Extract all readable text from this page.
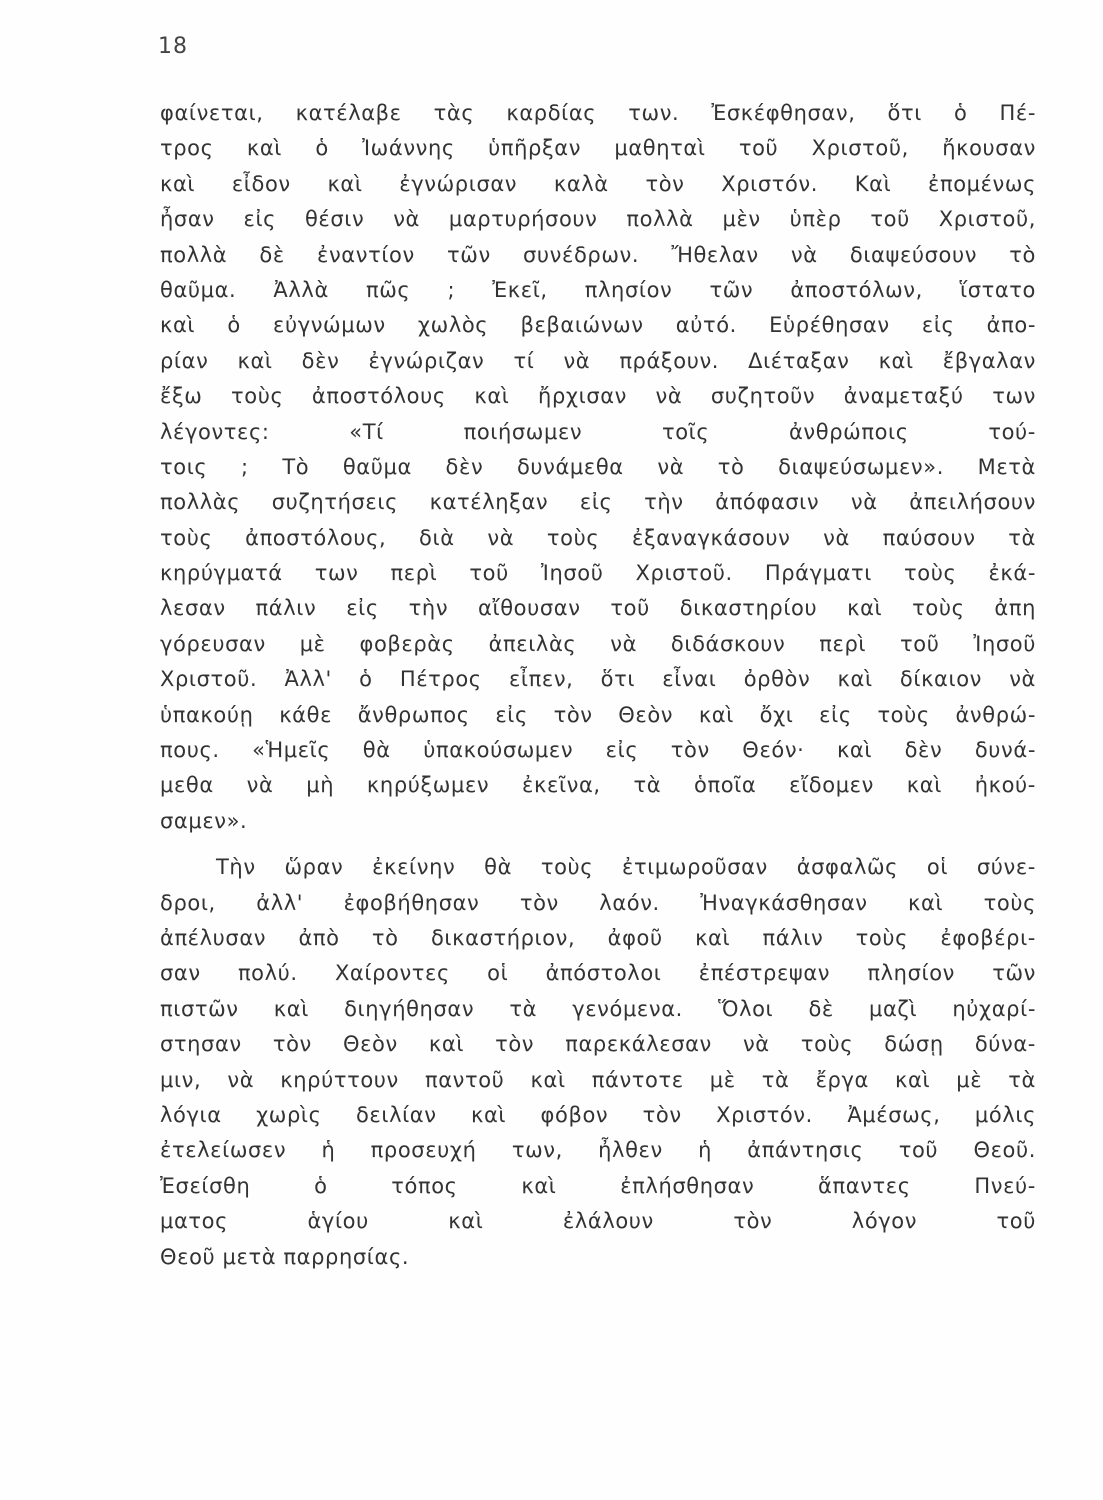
18
φαίνεται, κατέλαβε τὰς καρδίας των. Ἐσκέφθησαν, ὅτι ὁ Πέ-
τρος καὶ ὁ Ἰωάννης ὑπῆρξαν μαθηταὶ τοῦ Χριστοῦ, ἤκουσαν
καὶ εἶδον καὶ ἐγνώρισαν καλὰ τὸν Χριστόν. Καὶ ἐπομένως
ἦσαν εἰς θέσιν νὰ μαρτυρήσουν πολλὰ μὲν ὑπὲρ τοῦ Χριστοῦ,
πολλὰ δὲ ἐναντίον τῶν συνέδρων. Ἤθελαν νὰ διαψεύσουν τὸ
θαῦμα. Ἀλλὰ πῶς ; Ἐκεῖ, πλησίον τῶν ἀποστόλων, ἵστατο
καὶ ὁ εὐγνώμων χωλὸς βεβαιώνων αὐτό. Εὑρέθησαν εἰς ἀπο-
ρίαν καὶ δὲν ἐγνώριζαν τί νὰ πράξουν. Διέταξαν καὶ ἔβγαλαν
ἔξω τοὺς ἀποστόλους καὶ ἤρχισαν νὰ συζητοῦν ἀναμεταξύ των
λέγοντες: «Τί ποιήσωμεν τοῖς ἀνθρώποις τού-
τοις ; Τὸ θαῦμα δὲν δυνάμεθα νὰ τὸ διαψεύσωμεν». Μετὰ
πολλὰς συζητήσεις κατέληξαν εἰς τὴν ἀπόφασιν νὰ ἀπειλήσουν
τοὺς ἀποστόλους, διὰ νὰ τοὺς ἐξαναγκάσουν νὰ παύσουν τὰ
κηρύγματά των περὶ τοῦ Ἰησοῦ Χριστοῦ. Πράγματι τοὺς ἐκά-
λεσαν πάλιν εἰς τὴν αἴθουσαν τοῦ δικαστηρίου καὶ τοὺς ἀπη
γόρευσαν μὲ φοβερὰς ἀπειλὰς νὰ διδάσκουν περὶ τοῦ Ἰησοῦ
Χριστοῦ. Ἀλλ' ὁ Πέτρος εἶπεν, ὅτι εἶναι ὀρθὸν καὶ δίκαιον νὰ
ὑπακούῃ κάθε ἄνθρωπος εἰς τὸν Θεὸν καὶ ὄχι εἰς τοὺς ἀνθρώ-
πους. «Ἡμεῖς θὰ ὑπακούσωμεν εἰς τὸν Θεόν· καὶ δὲν δυνά-
μεθα νὰ μὴ κηρύξωμεν ἐκεῖνα, τὰ ὁποῖα εἴδομεν καὶ ἠκού-
σαμεν».
Τὴν ὥραν ἐκείνην θὰ τοὺς ἐτιμωροῦσαν ἀσφαλῶς οἱ σύνε-
δροι, ἀλλ' ἐφοβήθησαν τὸν λαόν. Ἠναγκάσθησαν καὶ τοὺς
ἀπέλυσαν ἀπὸ τὸ δικαστήριον, ἀφοῦ καὶ πάλιν τοὺς ἐφοβέρι-
σαν πολύ. Χαίροντες οἱ ἀπόστολοι ἐπέστρεψαν πλησίον τῶν
πιστῶν καὶ διηγήθησαν τὰ γενόμενα. Ὅλοι δὲ μαζὶ ηὐχαρί-
στησαν τὸν Θεὸν καὶ τὸν παρεκάλεσαν νὰ τοὺς δώσῃ δύνα-
μιν, νὰ κηρύττουν παντοῦ καὶ πάντοτε μὲ τὰ ἔργα καὶ μὲ τὰ
λόγια χωρὶς δειλίαν καὶ φόβον τὸν Χριστόν. Ἀμέσως, μόλις
ἐτελείωσεν ἡ προσευχή των, ἦλθεν ἡ ἀπάντησις τοῦ Θεοῦ.
Ἐσείσθη ὁ τόπος καὶ ἐπλήσθησαν ἅπαντες Πνεύ-
ματος ἁγίου καὶ ἐλάλουν τὸν λόγον τοῦ
Θεοῦ μετὰ παρρησίας.
